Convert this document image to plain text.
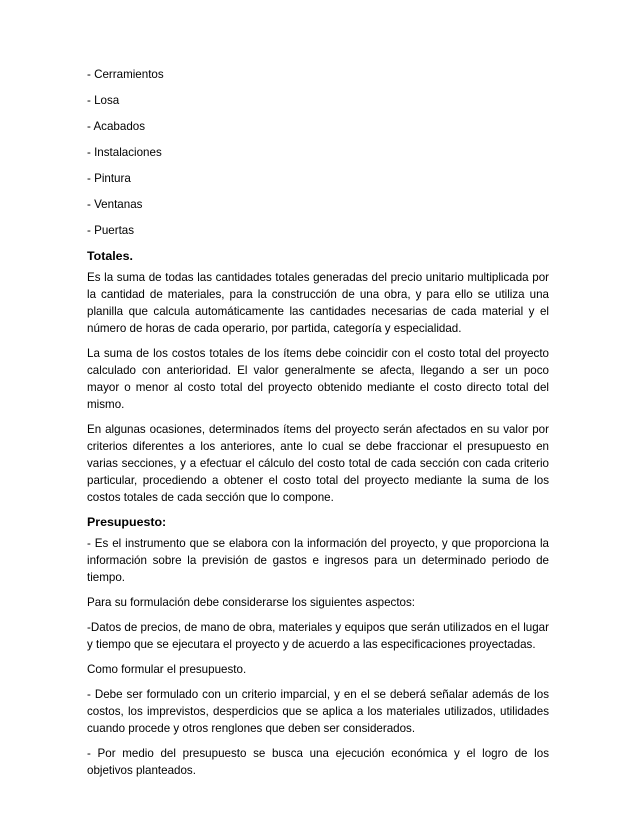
- Cerramientos

- Losa

- Acabados

- Instalaciones

- Pintura

- Ventanas

- Puertas

Totales.

Es la suma de todas las cantidades totales generadas del precio unitario multiplicada por la cantidad de materiales, para la construcción de una obra, y para ello se utiliza una planilla que calcula automáticamente las cantidades necesarias de cada material y el número de horas de cada operario, por partida, categoría y especialidad.

La suma de los costos totales de los ítems debe coincidir con el costo total del proyecto calculado con anterioridad. El valor generalmente se afecta, llegando a ser un poco mayor o menor al costo total del proyecto obtenido mediante el costo directo total del mismo.

En algunas ocasiones, determinados ítems del proyecto serán afectados en su valor por criterios diferentes a los anteriores, ante lo cual se debe fraccionar el presupuesto en varias secciones, y a efectuar el cálculo del costo total de cada sección con cada criterio particular, procediendo a obtener el costo total del proyecto mediante la suma de los costos totales de cada sección que lo compone.

Presupuesto:

- Es el instrumento que se elabora con la información del proyecto, y que proporciona la información sobre la previsión de gastos e ingresos para un determinado periodo de tiempo.

Para su formulación debe considerarse los siguientes aspectos:

-Datos de precios, de mano de obra, materiales y equipos que serán utilizados en el lugar y tiempo que se ejecutara el proyecto y de acuerdo a las especificaciones proyectadas.

Como formular el presupuesto.

- Debe ser formulado con un criterio imparcial, y en el se deberá señalar además de los costos, los imprevistos, desperdicios que se aplica a los materiales utilizados, utilidades cuando procede y otros renglones que deben ser considerados.

- Por medio del presupuesto se busca una ejecución económica y el logro de los objetivos planteados.
